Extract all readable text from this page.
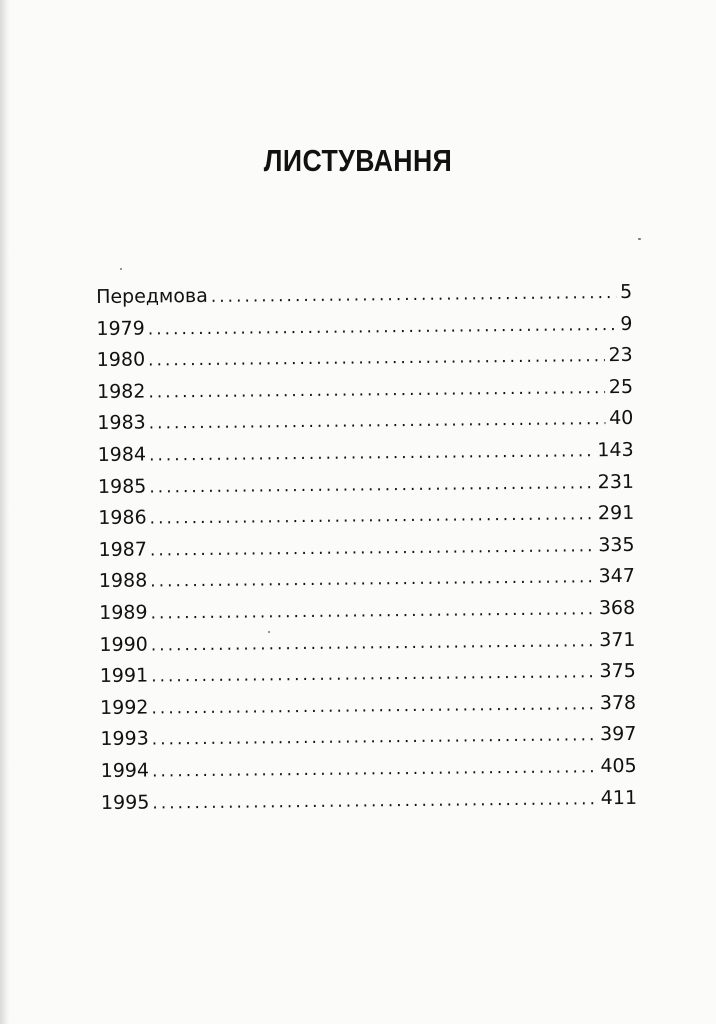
ЛИСТУВАННЯ
Передмова . . .	5
1979 . . .	9
1980 . . .	23
1982 . . .	25
1983 . . .	40
1984 . . .	143
1985 . . .	231
1986 . . .	291
1987 . . .	335
1988 . . .	347
1989 . . .	368
1990 . . .	371
1991 . . .	375
1992 . . .	378
1993 . . .	397
1994 . . .	405
1995 . . .	411
